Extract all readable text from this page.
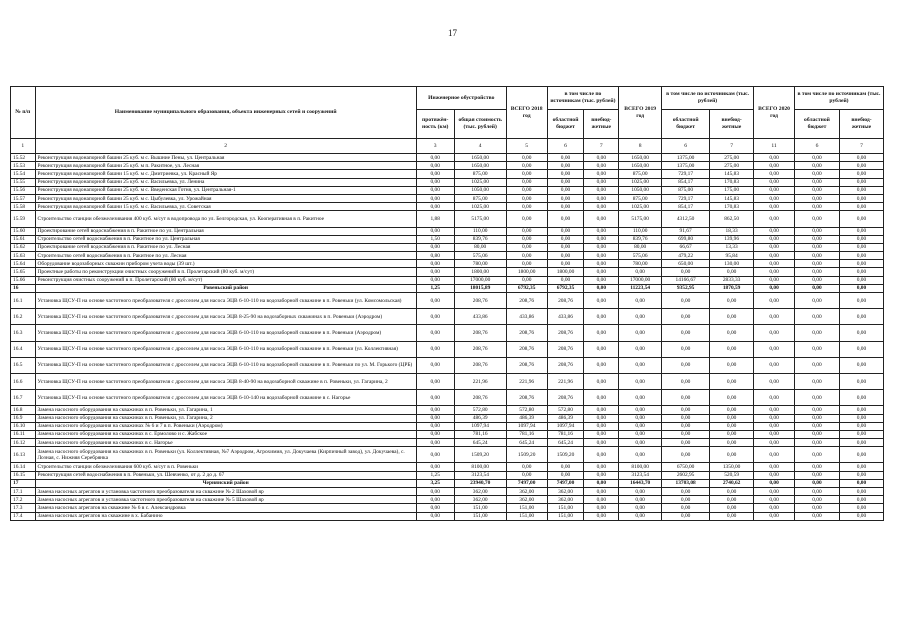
17
№ п/п	Наименование муниципального образования, объекта инженерных сетей и сооружений	Инженерное обустройство		ВСЕГО 2018 год	в том числе по источникам (тыс. рублей)		ВСЕГО 2019 год	в том числе по источникам (тыс. рублей)		ВСЕГО 2020 год	в том числе по источникам (тыс. рублей)	
		протяжён-ность (км)	общая стоимость (тыс. рублей)		областной бюджет	внебюд-жетные		областной бюджет	внебюд-жетные		областной бюджет	внебюд-жетные
1	2	3	4	5	6	7	8	6	7	11	6	7
15.52	Реконструкция водонапорной башни 25 куб. м с. Вышние Пены, ул. Центральная	0,00	1650,00	0,00	0,00	0,00	1650,00	1375,00	275,00	0,00	0,00	0,00
15.53	Реконструкция водонапорной башни 25 куб. м п. Ракитное, ул. Лесная	0,00	1650,00	0,00	0,00	0,00	1650,00	1375,00	275,00	0,00	0,00	0,00
15.54	Реконструкция водонапорной башни 15 куб. м с. Дмитриевка, ул. Красный Яр	0,00	875,00	0,00	0,00	0,00	875,00	729,17	145,83	0,00	0,00	0,00
15.55	Реконструкция водонапорной башни 25 куб. м с. Васильевка, ул. Ленина	0,00	1025,00	0,00	0,00	0,00	1025,00	854,17	170,83	0,00	0,00	0,00
15.56	Реконструкция водонапорной башни 25 куб. м с. Введенская Готня, ул. Центральная-1	0,00	1050,00	0,00	0,00	0,00	1050,00	875,00	175,00	0,00	0,00	0,00
15.57	Реконструкция водонапорной башни 25 куб. м с. Цыбулевка, ул. Урожайная	0,00	875,00	0,00	0,00	0,00	875,00	729,17	145,83	0,00	0,00	0,00
15.58	Реконструкция водонапорной башни 15 куб. м с. Васильевка, ул. Советская	0,00	1025,00	0,00	0,00	0,00	1025,00	854,17	170,83	0,00	0,00	0,00
15.59	Строительство станции обезжелезивания 400 куб. м/сут в водопровода по ул. Белгородская, ул. Кооперативная в п. Ракитное	1,88	5175,00	0,00	0,00	0,00	5175,00	4312,50	862,50	0,00	0,00	0,00
15.60	Проектирование сетей водоснабжения в п. Ракитное по ул. Центральная	0,00	110,00	0,00	0,00	0,00	110,00	91,67	18,33	0,00	0,00	0,00
15.61	Строительство сетей водоснабжения в п. Ракитное по ул. Центральная	1,50	839,76	0,00	0,00	0,00	839,76	699,80	139,96	0,00	0,00	0,00
15.62	Проектирование сетей водоснабжения в п. Ракитное по ул. Лесная	0,00	80,00	0,00	0,00	0,00	80,00	66,67	13,33	0,00	0,00	0,00
15.63	Строительство сетей водоснабжения в п. Ракитное по ул. Лесная	0,80	575,06	0,00	0,00	0,00	575,06	479,22	95,84	0,00	0,00	0,00
15.64	Оборудование водозаборных скважин прибором учета воды (39 шт.)	0,00	780,00	0,00	0,00	0,00	780,00	650,00	130,00	0,00	0,00	0,00
15.65	Проектные работы по реконструкции очистных сооружений в п. Пролетарский (80 куб. м/сут)	0,00	1800,00	1800,00	1800,00	0,00	0,00	0,00	0,00	0,00	0,00	0,00
15.66	Реконструкция очистных сооружений в п. Пролетарский (80 куб. м/сут)	0,00	17000,00	0,00	0,00	0,00	17000,00	14166,67	2833,33	0,00	0,00	0,00
16	Ровеньский район	1,25	18015,89	6792,35	6792,35	0,00	11223,54	9352,95	1870,59	0,00	0,00	0,00
16.1	Установка ЩСУ-П на основе частотного преобразователя с дросселем для насоса ЭЦВ 6-10-110 на водозаборной скважине в п. Ровеньки (ул. Комсомольская)	0,00	208,76	208,76	208,76	0,00	0,00	0,00	0,00	0,00	0,00	0,00
16.2	Установка ЩСУ-П на основе частотного преобразователя с дросселем для насоса ЭЦВ 8-25-90 на водозаборных скважинах в п. Ровеньки (Аэродром)	0,00	433,86	433,86	433,86	0,00	0,00	0,00	0,00	0,00	0,00	0,00
16.3	Установка ЩСУ-П на основе частотного преобразователя с дросселем для насоса ЭЦВ 6-10-110 на водозаборной скважине в п. Ровеньки (Аэродром)	0,00	208,76	208,76	208,76	0,00	0,00	0,00	0,00	0,00	0,00	0,00
16.4	Установка ЩСУ-П на основе частотного преобразователя с дросселем для насоса ЭЦВ 6-10-110 на водозаборной скважине в п. Ровеньки (ул. Коллективная)	0,00	208,76	208,76	208,76	0,00	0,00	0,00	0,00	0,00	0,00	0,00
16.5	Установка ЩСУ-П на основе частотного преобразователя с дросселем для насоса ЭЦВ 6-10-110 на водозаборной скважине в п. Ровеньки по ул. М. Горького (ЦРБ)	0,00	208,76	208,76	208,76	0,00	0,00	0,00	0,00	0,00	0,00	0,00
16.6	Установка ЩСУ-П на основе частотного преобразователя с дросселем для насоса ЭЦВ 8-40-90 на водозаборной скважине в п. Ровеньки, ул. Гагарина, 2	0,00	221,96	221,96	221,96	0,00	0,00	0,00	0,00	0,00	0,00	0,00
16.7	Установка ЩСУ-П на основе частотного преобразователя с дросселем для насоса ЭЦВ 6-10-140 на водозаборной скважине в с. Нагорье	0,00	208,76	208,76	208,76	0,00	0,00	0,00	0,00	0,00	0,00	0,00
16.8	Замена насосного оборудования на скважинах в п. Ровеньки, ул. Гагарина, 1	0,00	572,80	572,80	572,80	0,00	0,00	0,00	0,00	0,00	0,00	0,00
16.9	Замена насосного оборудования на скважинах в п. Ровеньки, ул. Гагарина, 2	0,00	486,39	486,39	486,39	0,00	0,00	0,00	0,00	0,00	0,00	0,00
16.10	Замена насосного оборудования на скважинах № 6 и 7 в п. Ровеньки (Аэродром)	0,00	1097,94	1097,94	1097,94	0,00	0,00	0,00	0,00	0,00	0,00	0,00
16.11	Замена насосного оборудования на скважинах в с. Ермолово и с. Жабское	0,00	781,16	781,16	781,16	0,00	0,00	0,00	0,00	0,00	0,00	0,00
16.12	Замена насосного оборудования на скважинах в с. Нагорье	0,00	645,24	645,24	645,24	0,00	0,00	0,00	0,00	0,00	0,00	0,00
16.13	Замена насосного оборудования на скважинах в п. Ровеньки (ул. Коллективная, №7 Аэродром, Агрохимия, ул. Докучаева (Кирпичный завод), ул. Докучаева), с. Лозная, с. Нижняя Серебрянка	0,00	1509,20	1509,20	1509,20	0,00	0,00	0,00	0,00	0,00	0,00	0,00
16.14	Строительство станции обезжелезивания 600 куб. м/сут в п. Ровеньки	0,00	8100,00	0,00	0,00	0,00	8100,00	6750,00	1350,00	0,00	0,00	0,00
16.15	Реконструкция сетей водоснабжения в п. Ровеньки, ул. Шевченко, от д. 2 до д. 67	1,25	3123,54	0,00	0,00	0,00	3123,54	2602,95	520,59	0,00	0,00	0,00
17	Чернянский район	3,25	23940,70	7497,00	7497,00	0,00	16443,70	13703,08	2740,62	0,00	0,00	0,00
17.1	Замена насосных агрегатов и установка частотного преобразователя на скважине № 2 Шаховой яр	0,00	362,00	362,00	362,00	0,00	0,00	0,00	0,00	0,00	0,00	0,00
17.2	Замена насосных агрегатов и установка частотного преобразователя на скважине № 5 Шаховой яр	0,00	362,00	362,00	362,00	0,00	0,00	0,00	0,00	0,00	0,00	0,00
17.3	Замена насосных агрегатов на скважине № 6 в с. Александровка	0,00	151,00	151,00	151,00	0,00	0,00	0,00	0,00	0,00	0,00	0,00
17.4	Замена насосных агрегатов на скважине в х. Бабанино	0,00	151,00	151,00	151,00	0,00	0,00	0,00	0,00	0,00	0,00	0,00
